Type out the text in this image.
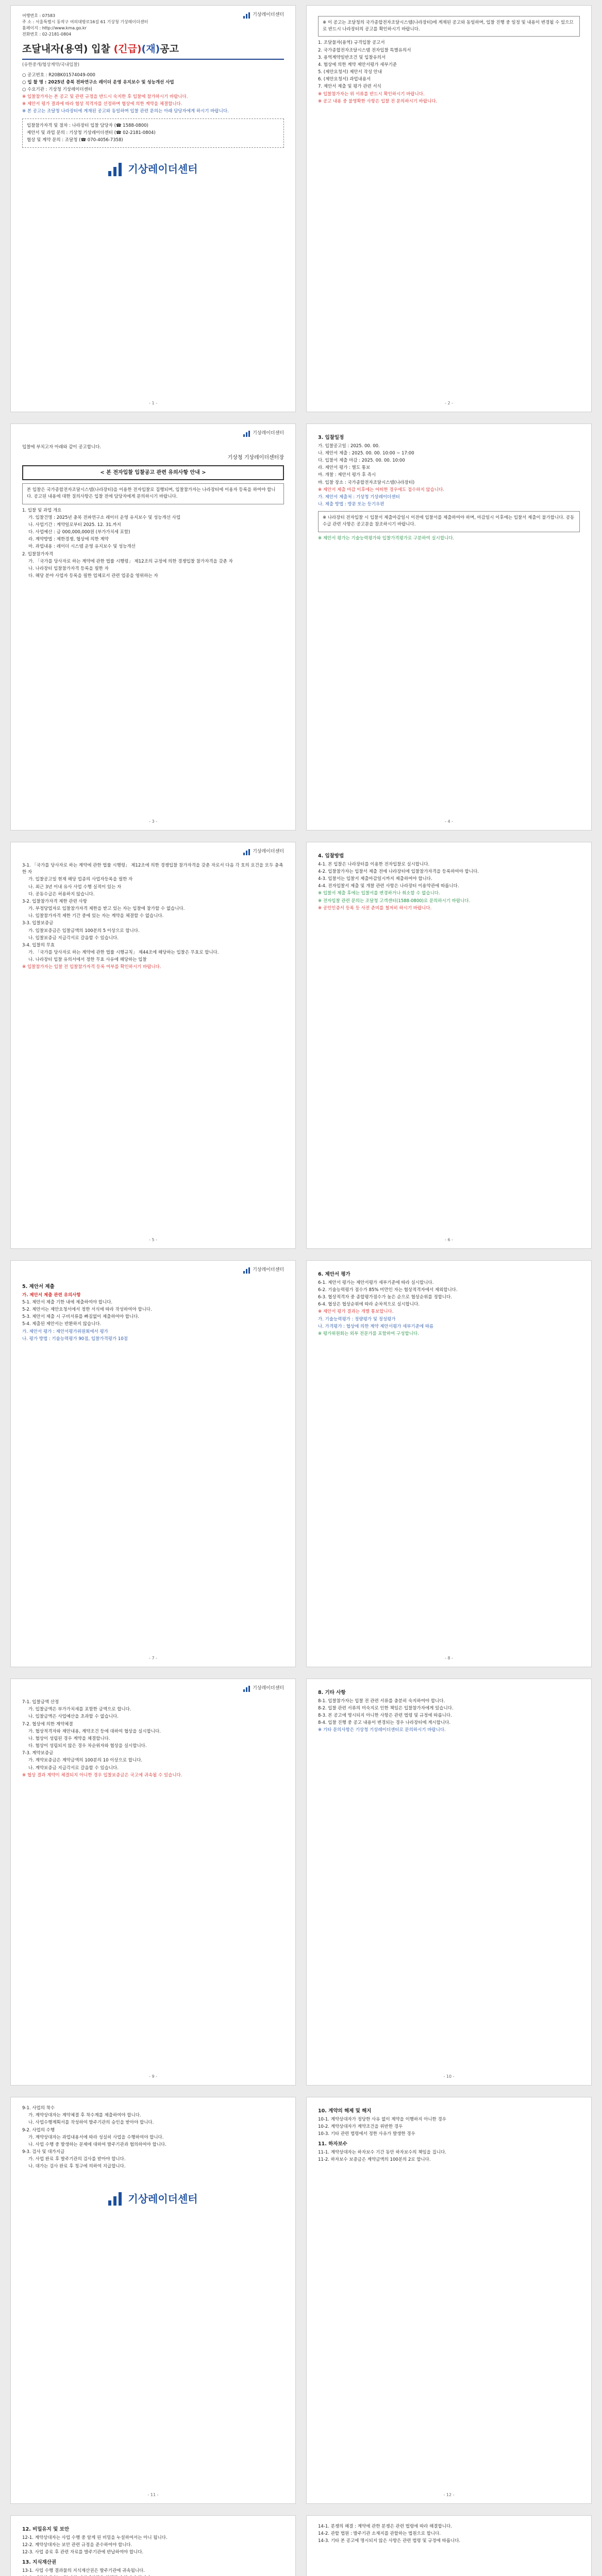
기상레이더센터
여행번호 : 07583
주 소 : 서울특별시 동작구 여의대방로16길 61 기상청 기상레이더센터
홈페이지 : http://www.kma.go.kr
전화번호 : 02-2181-0804
조달내자(용역) 입찰 (긴급)(재)공고
(유한중개/협상계약/국내입찰)
○ 공고번호 : R20BK01574049-000
○ 입 찰 명 : 2025년 충북 전파연구소 레이더 운영 유지보수 및 성능개선 사업
○ 수요기관 : 기상청 기상레이더센터
※ 입찰참가자는 본 공고 및 관련 규정을 반드시 숙지한 후 입찰에 참가하시기 바랍니다.
※ 제안서 평가 결과에 따라 협상 적격자를 선정하며 협상에 의한 계약을 체결합니다.
※ 본 공고는 조달청 나라장터에 게재된 공고와 동일하며 입찰 관련 문의는 아래 담당자에게 하시기 바랍니다.
입찰참가자격 및 절차 : 나라장터 입찰 담당자 (☎ 1588-0800)
제안서 및 과업 문의 : 기상청 기상레이더센터 (☎ 02-2181-0804)
협상 및 계약 문의 : 조달청 (☎ 070-4056-7358)
기상레이더센터
- 1 -
※ 이 공고는 조달청의 국가종합전자조달시스템(나라장터)에 게재된 공고와 동일하며, 입찰 진행 중 일정 및 내용이 변경될 수 있으므로 반드시 나라장터의 공고를 확인하시기 바랍니다.
1. 조달물자(용역) 규격입찰 공고서
2. 국가종합전자조달시스템 전자입찰 특별유의서
3. 용역계약일반조건 및 입찰유의서
4. 협상에 의한 계약 제안서평가 세부기준
5. (제안요청서) 제안서 작성 안내
6. (제안요청서) 과업내용서
7. 제안서 제출 및 평가 관련 서식
※ 입찰참가자는 위 서류를 반드시 확인하시기 바랍니다.
※ 공고 내용 중 불명확한 사항은 입찰 전 문의하시기 바랍니다.
- 2 -
기상레이더센터
입찰에 부치고자 아래와 같이 공고합니다.
기상청 기상레이더센터장
< 본 전자입찰 입찰공고 관련 유의사항 안내 >
본 입찰은 국가종합전자조달시스템(나라장터)을 이용한 전자입찰로 집행되며, 입찰참가자는 나라장터에 이용자 등록을 하여야 합니다. 공고된 내용에 대한 질의사항은 입찰 전에 담당자에게 문의하시기 바랍니다.
1. 입찰 및 과업 개요
가. 입찰건명 : 2025년 충북 전파연구소 레이더 운영 유지보수 및 성능개선 사업
나. 사업기간 : 계약일로부터 2025. 12. 31.까지
다. 사업예산 : 금 000,000,000원 (부가가치세 포함)
라. 계약방법 : 제한경쟁, 협상에 의한 계약
마. 과업내용 : 레이더 시스템 운영 유지보수 및 성능개선
2. 입찰참가자격
가. 「국가를 당사자로 하는 계약에 관한 법률 시행령」 제12조의 규정에 의한 경쟁입찰 참가자격을 갖춘 자
나. 나라장터 입찰참가자격 등록을 필한 자
다. 해당 분야 사업자 등록을 필한 업체로서 관련 업종을 영위하는 자
- 3 -
3. 입찰일정
가. 입찰공고일 : 2025. 00. 00.
나. 제안서 제출 : 2025. 00. 00. 10:00 ~ 17:00
다. 입찰서 제출 마감 : 2025. 00. 00. 10:00
라. 제안서 평가 : 별도 통보
마. 개찰 : 제안서 평가 후 즉시
바. 입찰 장소 : 국가종합전자조달시스템(나라장터)
※ 제안서 제출 마감 이후에는 어떠한 경우에도 접수하지 않습니다.
가. 제안서 제출처 : 기상청 기상레이더센터
나. 제출 방법 : 방문 또는 등기우편
※ 나라장터 전자입찰 시 입찰서 제출마감일시 이전에 입찰서를 제출하여야 하며, 마감일시 이후에는 입찰서 제출이 불가합니다. 공동수급 관련 사항은 공고문을 참조하시기 바랍니다.
※ 제안서 평가는 기술능력평가와 입찰가격평가로 구분하여 실시합니다.
- 4 -
기상레이더센터
3-1. 「국가를 당사자로 하는 계약에 관한 법률 시행령」 제12조에 의한 경쟁입찰 참가자격을 갖춘 자로서 다음 각 호의 요건을 모두 충족한 자
가. 입찰공고일 현재 해당 업종의 사업자등록을 필한 자
나. 최근 3년 이내 유사 사업 수행 실적이 있는 자
다. 공동수급은 허용하지 않습니다.
3-2. 입찰참가자격 제한 관련 사항
가. 부정당업자로 입찰참가자격 제한을 받고 있는 자는 입찰에 참가할 수 없습니다.
나. 입찰참가자격 제한 기간 중에 있는 자는 계약을 체결할 수 없습니다.
3-3. 입찰보증금
가. 입찰보증금은 입찰금액의 100분의 5 이상으로 합니다.
나. 입찰보증금 지급각서로 갈음할 수 있습니다.
3-4. 입찰의 무효
가. 「국가를 당사자로 하는 계약에 관한 법률 시행규칙」 제44조에 해당하는 입찰은 무효로 합니다.
나. 나라장터 입찰 유의서에서 정한 무효 사유에 해당하는 입찰
※ 입찰참가자는 입찰 전 입찰참가자격 등록 여부를 확인하시기 바랍니다.
- 5 -
4. 입찰방법
4-1. 본 입찰은 나라장터를 이용한 전자입찰로 실시합니다.
4-2. 입찰참가자는 입찰서 제출 전에 나라장터에 입찰참가자격을 등록하여야 합니다.
4-3. 입찰서는 입찰서 제출마감일시까지 제출하여야 합니다.
4-4. 전자입찰서 제출 및 개찰 관련 사항은 나라장터 이용약관에 따릅니다.
※ 입찰서 제출 후에는 입찰서를 변경하거나 취소할 수 없습니다.
※ 전자입찰 관련 문의는 조달청 고객센터(1588-0800)로 문의하시기 바랍니다.
※ 공인인증서 등록 등 사전 준비를 철저히 하시기 바랍니다.
- 6 -
기상레이더센터
5. 제안서 제출
가. 제안서 제출 관련 유의사항
5-1. 제안서 제출 기한 내에 제출하여야 합니다.
5-2. 제안서는 제안요청서에서 정한 서식에 따라 작성하여야 합니다.
5-3. 제안서 제출 시 구비서류를 빠짐없이 제출하여야 합니다.
5-4. 제출된 제안서는 반환하지 않습니다.
가. 제안서 평가 : 제안서평가위원회에서 평가
나. 평가 방법 : 기술능력평가 90점, 입찰가격평가 10점
- 7 -
6. 제안서 평가
6-1. 제안서 평가는 제안서평가 세부기준에 따라 실시합니다.
6-2. 기술능력평가 점수가 85% 미만인 자는 협상적격자에서 제외합니다.
6-3. 협상적격자 중 종합평가점수가 높은 순으로 협상순위를 정합니다.
6-4. 협상은 협상순위에 따라 순차적으로 실시합니다.
※ 제안서 평가 결과는 개별 통보합니다.
가. 기술능력평가 : 정량평가 및 정성평가
나. 가격평가 : 협상에 의한 계약 제안서평가 세부기준에 따름
※ 평가위원회는 외부 전문가를 포함하여 구성합니다.
- 8 -
기상레이더센터
7-1. 입찰금액 산정
가. 입찰금액은 부가가치세를 포함한 금액으로 합니다.
나. 입찰금액은 사업예산을 초과할 수 없습니다.
7-2. 협상에 의한 계약체결
가. 협상적격자와 제안내용, 계약조건 등에 대하여 협상을 실시합니다.
나. 협상이 성립된 경우 계약을 체결합니다.
다. 협상이 성립되지 않은 경우 차순위자와 협상을 실시합니다.
7-3. 계약보증금
가. 계약보증금은 계약금액의 100분의 10 이상으로 합니다.
나. 계약보증금 지급각서로 갈음할 수 있습니다.
※ 협상 결과 계약이 체결되지 아니한 경우 입찰보증금은 국고에 귀속될 수 있습니다.
- 9 -
8. 기타 사항
8-1. 입찰참가자는 입찰 전 관련 서류를 충분히 숙지하여야 합니다.
8-2. 입찰 관련 서류의 미숙지로 인한 책임은 입찰참가자에게 있습니다.
8-3. 본 공고에 명시되지 아니한 사항은 관련 법령 및 규정에 따릅니다.
8-4. 입찰 진행 중 공고 내용이 변경되는 경우 나라장터에 게시합니다.
※ 기타 문의사항은 기상청 기상레이더센터로 문의하시기 바랍니다.
- 10 -
9-1. 사업의 착수
가. 계약상대자는 계약체결 후 착수계를 제출하여야 합니다.
나. 사업수행계획서를 작성하여 발주기관의 승인을 받아야 합니다.
9-2. 사업의 수행
가. 계약상대자는 과업내용서에 따라 성실히 사업을 수행하여야 합니다.
나. 사업 수행 중 발생하는 문제에 대하여 발주기관과 협의하여야 합니다.
9-3. 검사 및 대가지급
가. 사업 완료 후 발주기관의 검사를 받아야 합니다.
나. 대가는 검사 완료 후 청구에 의하여 지급합니다.
기상레이더센터
- 11 -
10. 계약의 해제 및 해지
10-1. 계약상대자가 정당한 사유 없이 계약을 이행하지 아니한 경우
10-2. 계약상대자가 계약조건을 위반한 경우
10-3. 기타 관련 법령에서 정한 사유가 발생한 경우
11. 하자보수
11-1. 계약상대자는 하자보수 기간 동안 하자보수의 책임을 집니다.
11-2. 하자보수 보증금은 계약금액의 100분의 2로 합니다.
- 12 -
12. 비밀유지 및 보안
12-1. 계약상대자는 사업 수행 중 알게 된 비밀을 누설하여서는 아니 됩니다.
12-2. 계약상대자는 보안 관련 규정을 준수하여야 합니다.
12-3. 사업 종료 후 관련 자료를 발주기관에 반납하여야 합니다.
13. 지식재산권
13-1. 사업 수행 결과물의 지식재산권은 발주기관에 귀속됩니다.
14-1. 분쟁의 해결 : 계약에 관한 분쟁은 관련 법령에 따라 해결합니다.
14-2. 관할 법원 : 발주기관 소재지를 관할하는 법원으로 합니다.
14-3. 기타 본 공고에 명시되지 않은 사항은 관련 법령 및 규정에 따릅니다.
